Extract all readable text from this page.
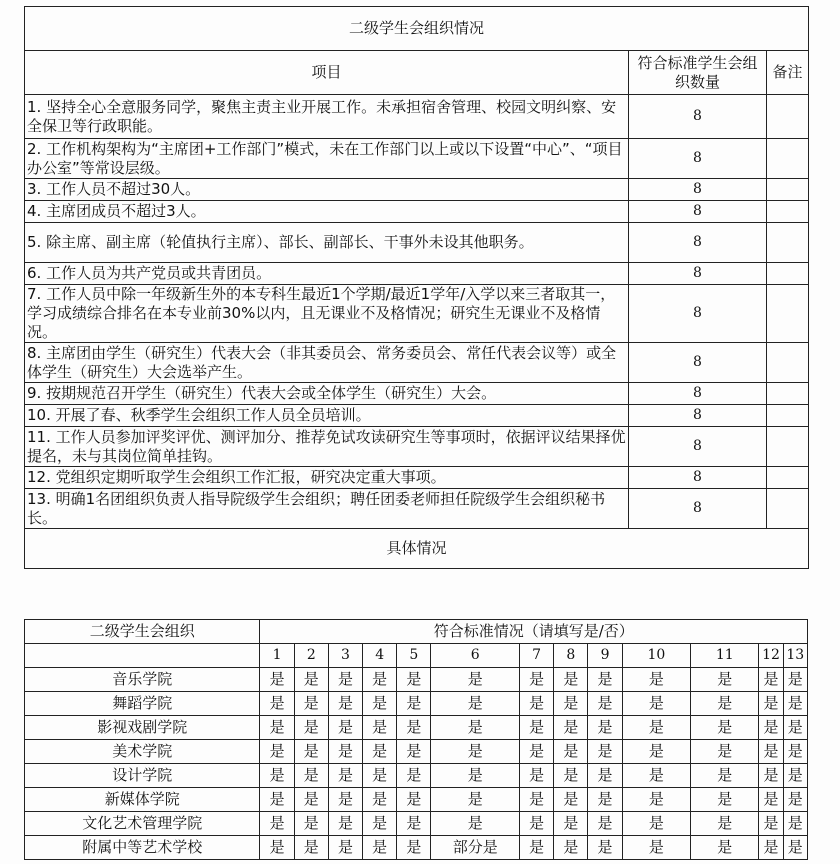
二级学生会组织情况		
项目	符合标准学生会组织数量	备注
1. 坚持全心全意服务同学，聚焦主责主业开展工作。未承担宿舍管理、校园文明纠察、安全保卫等行政职能。	8	
2. 工作机构架构为“主席团+工作部门”模式，未在工作部门以上或以下设置“中心”、“项目办公室”等常设层级。	8	
3. 工作人员不超过30人。	8	
4. 主席团成员不超过3人。	8	
5. 除主席、副主席（轮值执行主席）、部长、副部长、干事外未设其他职务。	8	
6. 工作人员为共产党员或共青团员。	8	
7. 工作人员中除一年级新生外的本专科生最近1个学期/最近1学年/入学以来三者取其一，学习成绩综合排名在本专业前30%以内，且无课业不及格情况；研究生无课业不及格情况。	8	
8. 主席团由学生（研究生）代表大会（非其委员会、常务委员会、常任代表会议等）或全体学生（研究生）大会选举产生。	8	
9. 按期规范召开学生（研究生）代表大会或全体学生（研究生）大会。	8	
10. 开展了春、秋季学生会组织工作人员全员培训。	8	
11. 工作人员参加评奖评优、测评加分、推荐免试攻读研究生等事项时，依据评议结果择优提名，未与其岗位简单挂钩。	8	
12. 党组织定期听取学生会组织工作汇报，研究决定重大事项。	8	
13. 明确1名团组织负责人指导院级学生会组织；聘任团委老师担任院级学生会组织秘书长。	8	
具体情况		
二级学生会组织	符合标准情况（请填写是/否）												
	1	2	3	4	5	6	7	8	9	10	11	12	13
音乐学院	是	是	是	是	是	是	是	是	是	是	是	是	是
舞蹈学院	是	是	是	是	是	是	是	是	是	是	是	是	是
影视戏剧学院	是	是	是	是	是	是	是	是	是	是	是	是	是
美术学院	是	是	是	是	是	是	是	是	是	是	是	是	是
设计学院	是	是	是	是	是	是	是	是	是	是	是	是	是
新媒体学院	是	是	是	是	是	是	是	是	是	是	是	是	是
文化艺术管理学院	是	是	是	是	是	是	是	是	是	是	是	是	是
附属中等艺术学校	是	是	是	是	是	部分是	是	是	是	是	是	是	是
